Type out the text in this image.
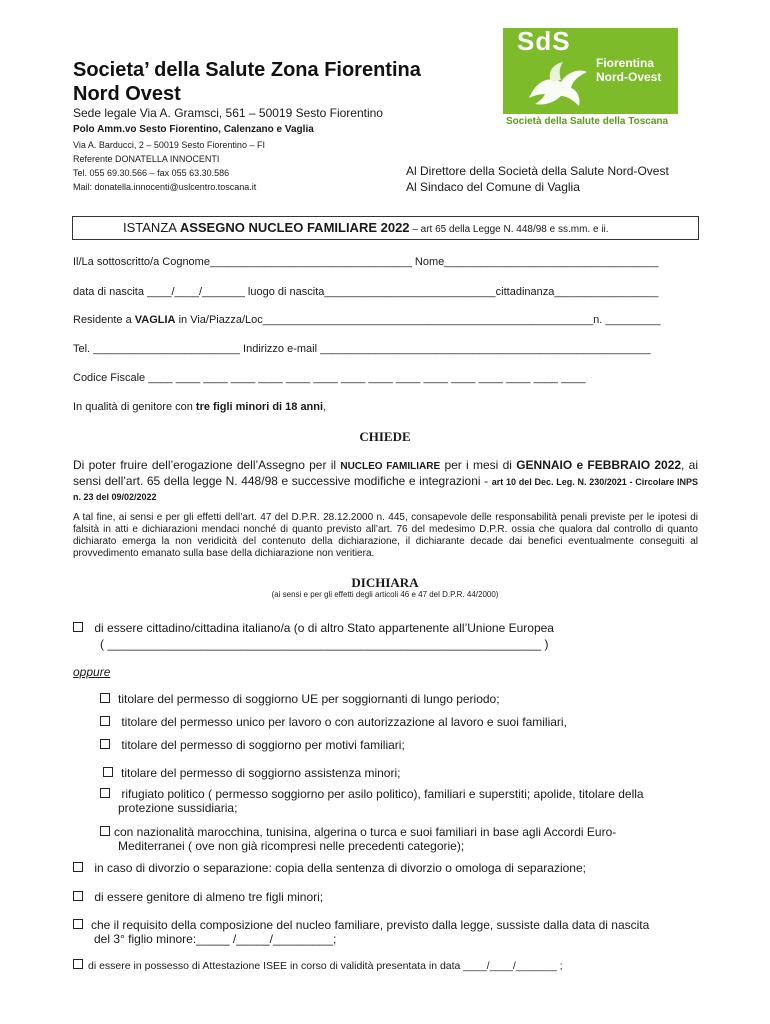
Societa’ della Salute Zona Fiorentina
Nord Ovest
Sede legale Via A. Gramsci, 561 – 50019 Sesto Fiorentino
Polo Amm.vo Sesto Fiorentino, Calenzano e Vaglia
Via A. Barducci, 2 – 50019 Sesto Fiorentino – FI
Referente DONATELLA INNOCENTI
Tel. 055 69.30.566 – fax 055 63.30.586
Mail: donatella.innocenti@uslcentro.toscana.it
SdS
Fiorentina
Nord-Ovest
Società della Salute della Toscana
Al Direttore della Società della Salute Nord-Ovest
Al Sindaco del Comune di Vaglia
ISTANZA ASSEGNO NUCLEO FAMILIARE 2022 – art 65 della Legge N. 448/98 e ss.mm. e ii.
Il/La sottoscritto/a Cognome_________________________________ Nome___________________________________
data di nascita ____/____/_______ luogo di nascita____________________________cittadinanza_________________
Residente a VAGLIA in Via/Piazza/Loc______________________________________________________n. _________
Tel. ________________________ Indirizzo e-mail ______________________________________________________
Codice Fiscale ____ ____ ____ ____ ____ ____ ____ ____ ____ ____ ____ ____ ____ ____ ____ ____
In qualità di genitore con tre figli minori di 18 anni,
CHIEDE
Di poter fruire dell’erogazione dell’Assegno per il NUCLEO FAMILIARE per i mesi di GENNAIO e FEBBRAIO 2022, ai sensi dell’art. 65 della legge N. 448/98 e successive modifiche e integrazioni - art 10 del Dec. Leg. N. 230/2021 - Circolare INPS n. 23 del 09/02/2022
A tal fine, ai sensi e per gli effetti dell’art. 47 del D.P.R. 28.12.2000 n. 445, consapevole delle responsabilità penali previste per le ipotesi di falsità in atti e dichiarazioni mendaci nonché di quanto previsto all’art. 76 del medesimo D.P.R. ossia che qualora dal controllo di quanto dichiarato emerga la non veridicità del contenuto della dichiarazione, il dichiarante decade dai benefici eventualmente conseguiti al provvedimento emanato sulla base della dichiarazione non veritiera.
DICHIARA
(ai sensi e per gli effetti degli articoli 46 e 47 del D.P.R. 44/2000)
di essere cittadino/cittadina italiano/a (o di altro Stato appartenente all’Unione Europea
( _________________________________________________________________ )
oppure
titolare del permesso di soggiorno UE per soggiornanti di lungo periodo;
titolare del permesso unico per lavoro o con autorizzazione al lavoro e suoi familiari,
titolare del permesso di soggiorno per motivi familiari;
titolare del permesso di soggiorno assistenza minori;
rifugiato politico ( permesso soggiorno per asilo politico), familiari e superstiti; apolide, titolare della
protezione sussidiaria;
con nazionalità marocchina, tunisina, algerina o turca e suoi familiari in base agli Accordi Euro-
Mediterranei ( ove non già ricompresi nelle precedenti categorie);
in caso di divorzio o separazione: copia della sentenza di divorzio o omologa di separazione;
di essere genitore di almeno tre figli minori;
che il requisito della composizione del nucleo familiare, previsto dalla legge, sussiste dalla data di nascita
del 3° figlio minore:_____ /_____/_________;
di essere in possesso di Attestazione ISEE in corso di validità presentata in data ____/____/_______ ;
